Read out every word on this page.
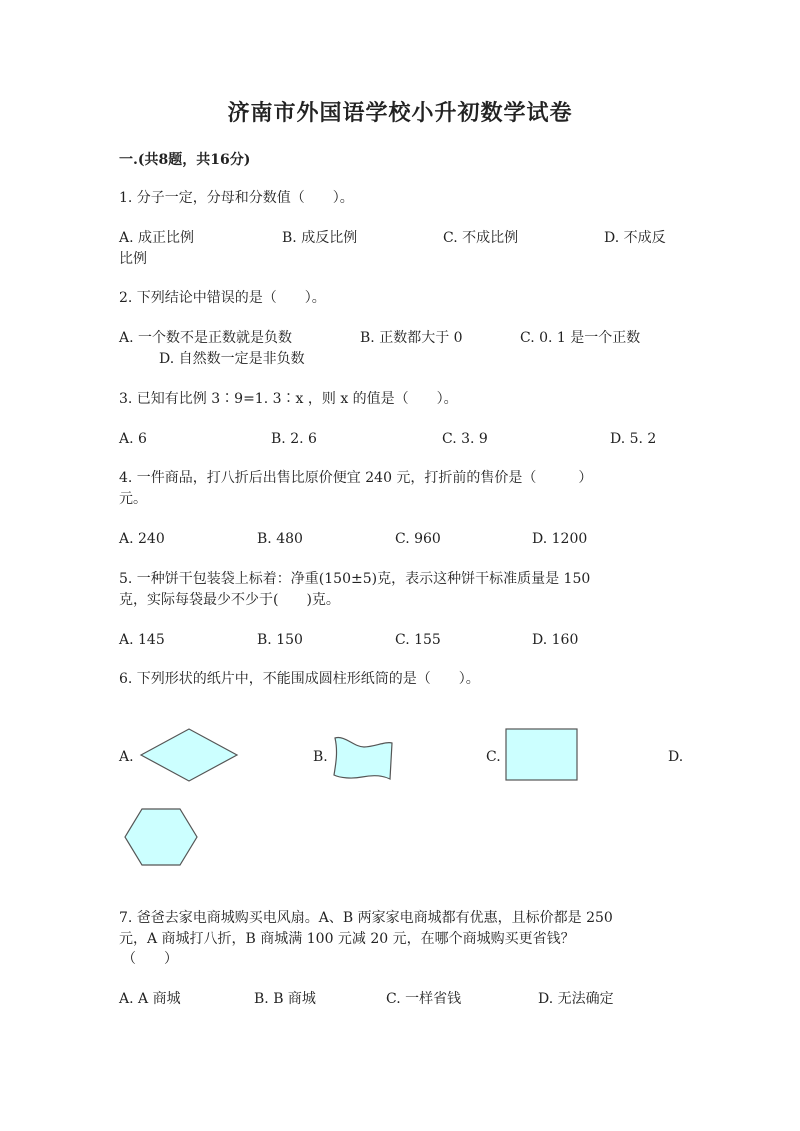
济南市外国语学校小升初数学试卷
一.(共8题，共16分)
1. 分子一定，分母和分数值（　　）。
A. 成正比例	B. 成反比例	C. 不成比例	D. 不成反
比例
2. 下列结论中错误的是（　　）。
A. 一个数不是正数就是负数	B. 正数都大于 0	C. 0. 1 是一个正数
D. 自然数一定是非负数
3. 已知有比例 3∶9=1. 3∶x ，则 x 的值是（　　）。
A. 6	B. 2. 6	C. 3. 9	D. 5. 2
4. 一件商品，打八折后出售比原价便宜 240 元，打折前的售价是（　　　）
元。
A. 240	B. 480	C. 960	D. 1200
5. 一种饼干包装袋上标着：净重(150±5)克，表示这种饼干标准质量是 150
克，实际每袋最少不少于(　　)克。
A. 145	B. 150	C. 155	D. 160
6. 下列形状的纸片中，不能围成圆柱形纸筒的是（　　）。
A.	B.	C.	D.
7. 爸爸去家电商城购买电风扇。A、B 两家家电商城都有优惠，且标价都是 250
元，A 商城打八折，B 商城满 100 元减 20 元，在哪个商城购买更省钱？
（　　）
A. A 商城	B. B 商城	C. 一样省钱	D. 无法确定
